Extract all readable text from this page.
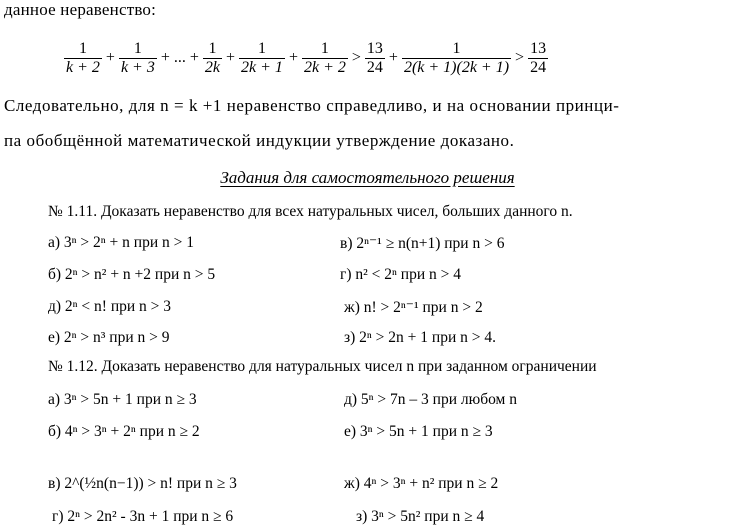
данное неравенство:
$\frac{1}{k + 2} + \frac{1}{k + 3}$ + ... + $\frac{1}{2k} + \frac{1}{2k + 1} + \frac{1}{2k + 2} > \frac{13}{24} + \frac{1}{2(k + 1)(2k + 1)} > \frac{13}{24}$
Следовательно, для n = k +1 неравенство справедливо, и на основании принци-
па обобщённой математической индукции утверждение доказано.
Задания для самостоятельного решения
№ 1.11. Доказать неравенство для всех натуральных чисел, больших данного n.
а) 3ⁿ > 2ⁿ + n при n > 1	в) 2ⁿ⁻¹ ≥ n(n+1) при n > 6
б) 2ⁿ > n² + n +2 при n > 5	г) n² < 2ⁿ при n > 4
д) 2ⁿ < n! при n > 3	ж) n! > 2ⁿ⁻¹ при n > 2
е) 2ⁿ > n³ при n > 9	з) 2ⁿ > 2n + 1 при n > 4.
№ 1.12. Доказать неравенство для натуральных чисел n при заданном ограничении
а) 3ⁿ > 5n + 1 при n ≥ 3	д) 5ⁿ > 7n – 3 при любом n
б) 4ⁿ > 3ⁿ + 2ⁿ при n ≥ 2	е) 3ⁿ > 5n + 1 при n ≥ 3
в) 2^(½n(n−1)) > n! при n ≥ 3	ж) 4ⁿ > 3ⁿ + n² при n ≥ 2
г) 2ⁿ > 2n² - 3n + 1 при n ≥ 6	з) 3ⁿ > 5n² при n ≥ 4
